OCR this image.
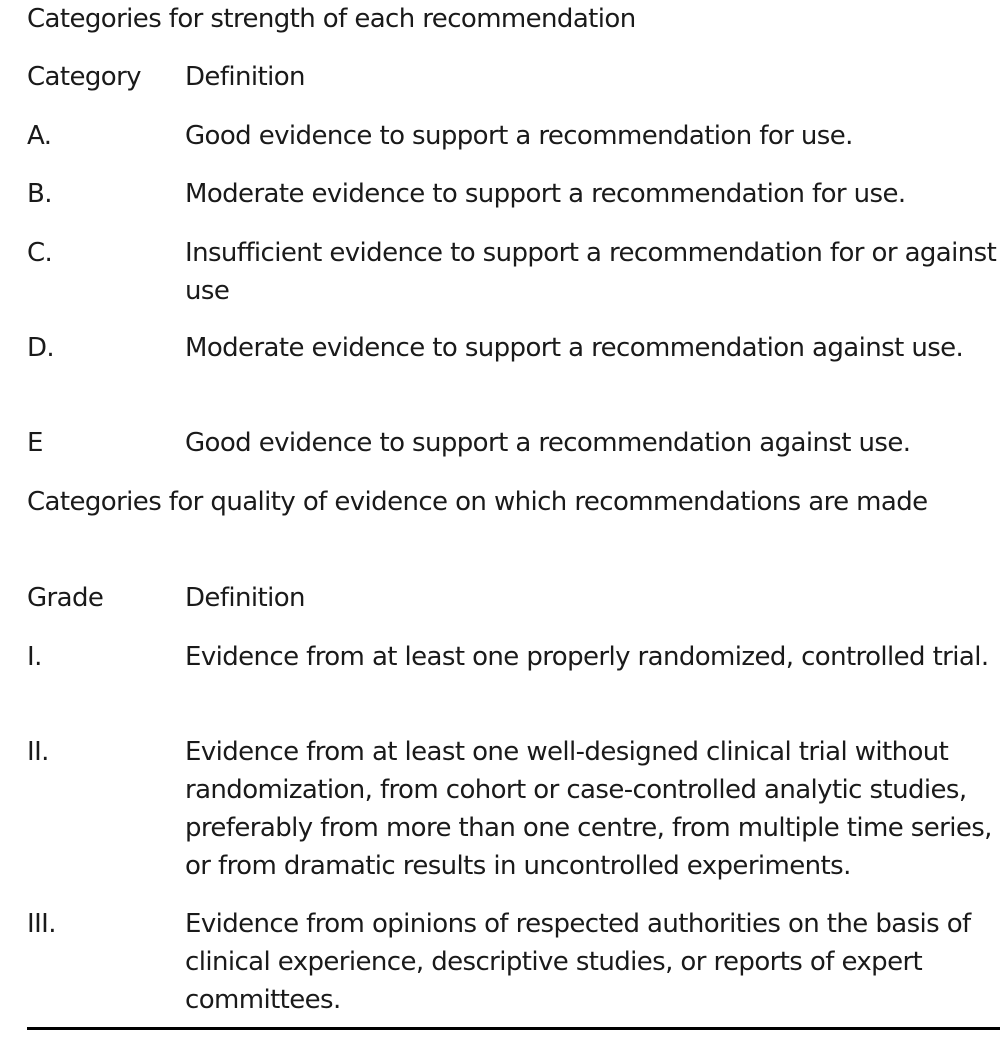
Categories for strength of each recommendation
Category	Definition
A.	Good evidence to support a recommendation for use.
B.	Moderate evidence to support a recommendation for use.
C.	Insufficient evidence to support a recommendation for or against use
D.	Moderate evidence to support a recommendation against use.
E	Good evidence to support a recommendation against use.
Categories for quality of evidence on which recommendations are made
Grade	Definition
I.	Evidence from at least one properly randomized, controlled trial.
II.	Evidence from at least one well-designed clinical trial without randomization, from cohort or case-controlled analytic studies, preferably from more than one centre, from multiple time series, or from dramatic results in uncontrolled experiments.
III.	Evidence from opinions of respected authorities on the basis of clinical experience, descriptive studies, or reports of expert committees.
